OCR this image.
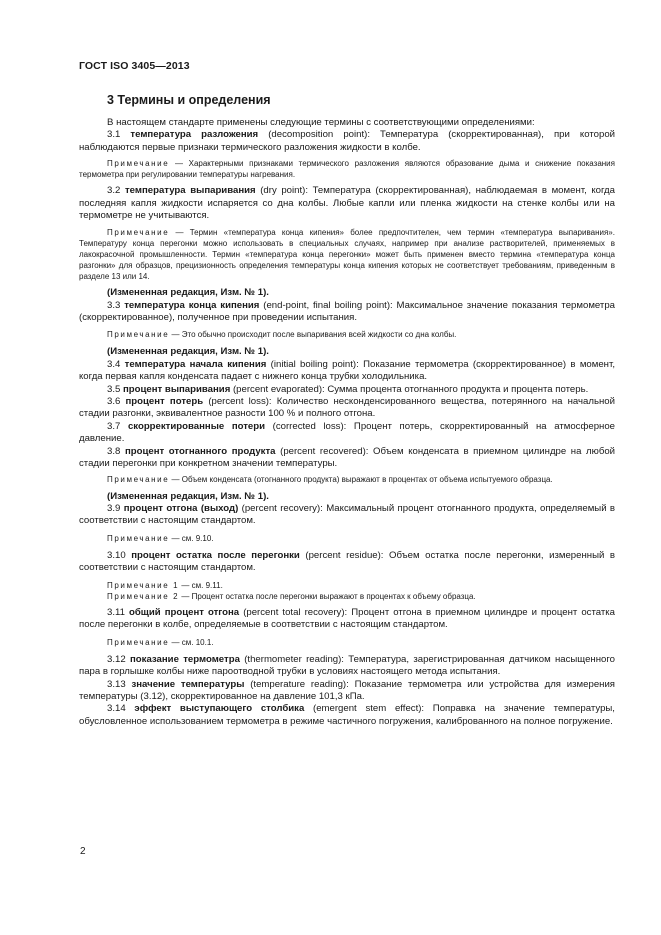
ГОСТ ISO 3405—2013
3 Термины и определения

В настоящем стандарте применены следующие термины с соответствующими определениями:

3.1 температура разложения (decomposition point): Температура (скорректированная), при которой наблюдаются первые признаки термического разложения жидкости в колбе.

Примечание — Характерными признаками термического разложения являются образование дыма и снижение показания термометра при регулировании температуры нагревания.

3.2 температура выпаривания (dry point): Температура (скорректированная), наблюдаемая в момент, когда последняя капля жидкости испаряется со дна колбы. Любые капли или пленка жидкости на стенке колбы или на термометре не учитываются.

Примечание — Термин «температура конца кипения» более предпочтителен, чем термин «температура выпаривания». Температуру конца перегонки можно использовать в специальных случаях, например при анализе растворителей, применяемых в лакокрасочной промышленности. Термин «температура конца перегонки» может быть применен вместо термина «температура конца разгонки» для образцов, прецизионность определения температуры конца кипения которых не соответствует требованиям, приведенным в разделе 13 или 14.

(Измененная редакция, Изм. № 1).

3.3 температура конца кипения (end-point, final boiling point): Максимальное значение показания термометра (скорректированное), полученное при проведении испытания.

Примечание — Это обычно происходит после выпаривания всей жидкости со дна колбы.

(Измененная редакция, Изм. № 1).

3.4 температура начала кипения (initial boiling point): Показание термометра (скорректированное) в момент, когда первая капля конденсата падает с нижнего конца трубки холодильника.

3.5 процент выпаривания (percent evaporated): Сумма процента отогнанного продукта и процента потерь.

3.6 процент потерь (percent loss): Количество несконденсированного вещества, потерянного на начальной стадии разгонки, эквивалентное разности 100 % и полного отгона.

3.7 скорректированные потери (corrected loss): Процент потерь, скорректированный на атмосферное давление.

3.8 процент отогнанного продукта (percent recovered): Объем конденсата в приемном цилиндре на любой стадии перегонки при конкретном значении температуры.

Примечание — Объем конденсата (отогнанного продукта) выражают в процентах от объема испытуемого образца.

(Измененная редакция, Изм. № 1).

3.9 процент отгона (выход) (percent recovery): Максимальный процент отогнанного продукта, определяемый в соответствии с настоящим стандартом.

Примечание — см. 9.10.

3.10 процент остатка после перегонки (percent residue): Объем остатка после перегонки, измеренный в соответствии с настоящим стандартом.

Примечание 1 — см. 9.11.

Примечание 2 — Процент остатка после перегонки выражают в процентах к объему образца.

3.11 общий процент отгона (percent total recovery): Процент отгона в приемном цилиндре и процент остатка после перегонки в колбе, определяемые в соответствии с настоящим стандартом.

Примечание — см. 10.1.

3.12 показание термометра (thermometer reading): Температура, зарегистрированная датчиком насыщенного пара в горлышке колбы ниже пароотводной трубки в условиях настоящего метода испытания.

3.13 значение температуры (temperature reading): Показание термометра или устройства для измерения температуры (3.12), скорректированное на давление 101,3 кПа.

3.14 эффект выступающего столбика (emergent stem effect): Поправка на значение температуры, обусловленное использованием термометра в режиме частичного погружения, калиброванного на полное погружение.

2
